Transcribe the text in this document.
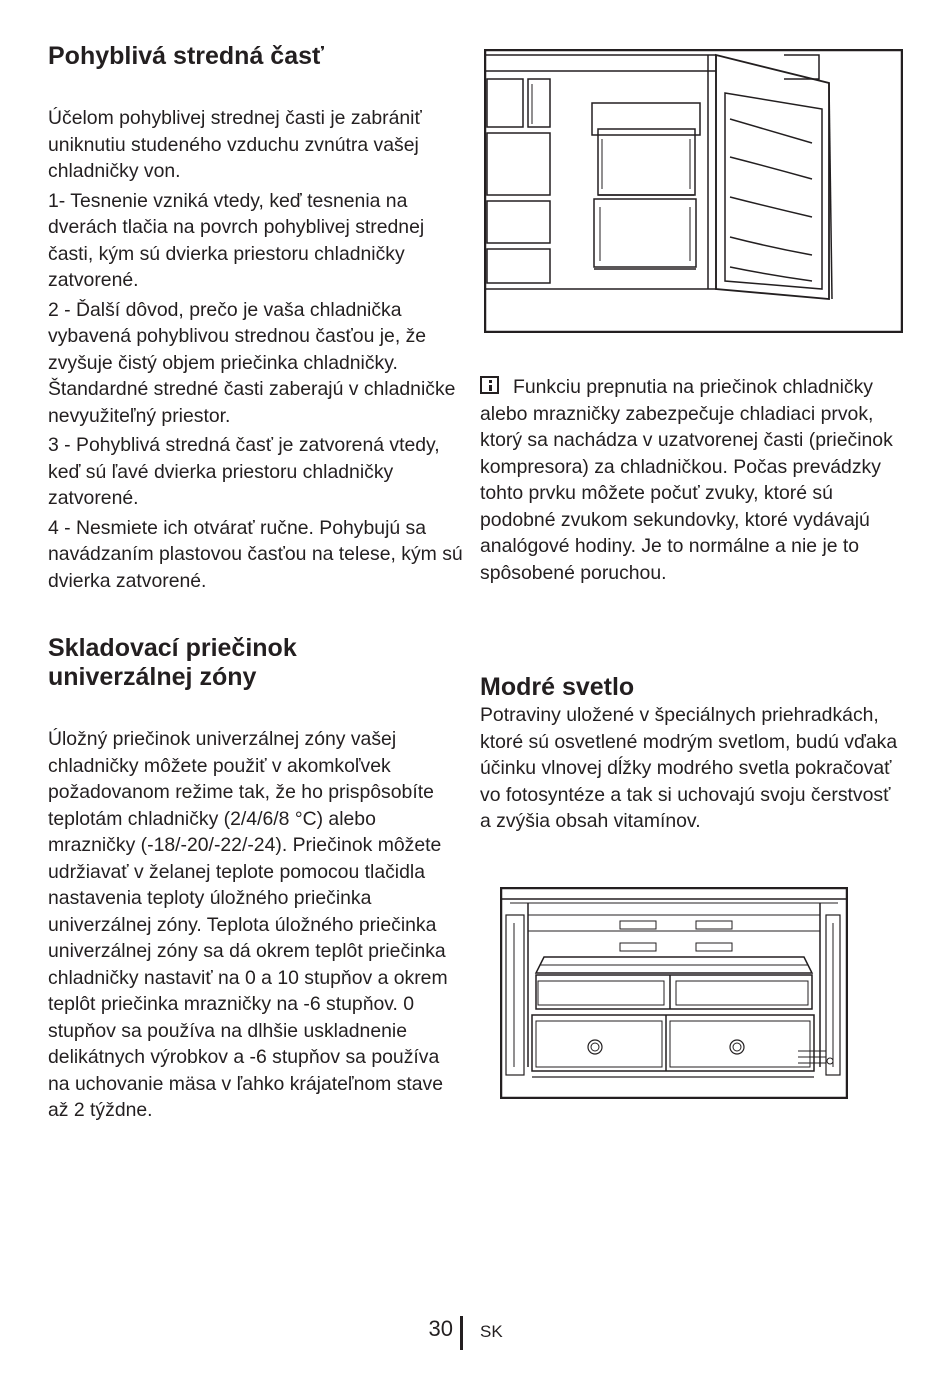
Pohyblivá stredná časť

Účelom pohyblivej strednej časti je zabrániť uniknutiu studeného vzduchu zvnútra vašej chladničky von.

1- Tesnenie vzniká vtedy, keď tesnenia na dverách tlačia na povrch pohyblivej strednej časti, kým sú dvierka priestoru chladničky zatvorené.

2 - Ďalší dôvod, prečo je vaša chladnička vybavená pohyblivou strednou časťou je, že zvyšuje čistý objem priečinka chladničky. Štandardné stredné časti zaberajú v chladničke nevyužiteľný priestor.

3 - Pohyblivá stredná časť je zatvorená vtedy, keď sú ľavé dvierka priestoru chladničky zatvorené.

4 - Nesmiete ich otvárať ručne. Pohybujú sa navádzaním plastovou časťou na telese, kým sú dvierka zatvorené.

Skladovací priečinok
univerzálnej zóny

Úložný priečinok univerzálnej zóny vašej chladničky môžete použiť v akomkoľvek požadovanom režime tak, že ho prispôsobíte teplotám chladničky (2/4/6/8 °C) alebo mrazničky (-18/-20/-22/-24). Priečinok môžete udržiavať v želanej teplote pomocou tlačidla nastavenia teploty úložného priečinka univerzálnej zóny. Teplota úložného priečinka univerzálnej zóny sa dá okrem teplôt priečinka chladničky nastaviť na 0 a 10 stupňov a okrem teplôt priečinka mrazničky na -6 stupňov. 0 stupňov sa používa na dlhšie uskladnenie delikátnych výrobkov a -6 stupňov sa používa na uchovanie mäsa v ľahko krájateľnom stave až 2 týždne.

Funkciu prepnutia na priečinok chladničky alebo mrazničky zabezpečuje chladiaci prvok, ktorý sa nachádza v uzatvorenej časti (priečinok kompresora) za chladničkou. Počas prevádzky tohto prvku môžete počuť zvuky, ktoré sú podobné zvukom sekundovky, ktoré vydávajú analógové hodiny. Je to normálne a nie je to spôsobené poruchou.

Modré svetlo

Potraviny uložené v špeciálnych priehradkách, ktoré sú osvetlené modrým svetlom, budú vďaka účinku vlnovej dĺžky modrého svetla pokračovať vo fotosyntéze a tak si uchovajú svoju čerstvosť a zvýšia obsah vitamínov.

30 SK
